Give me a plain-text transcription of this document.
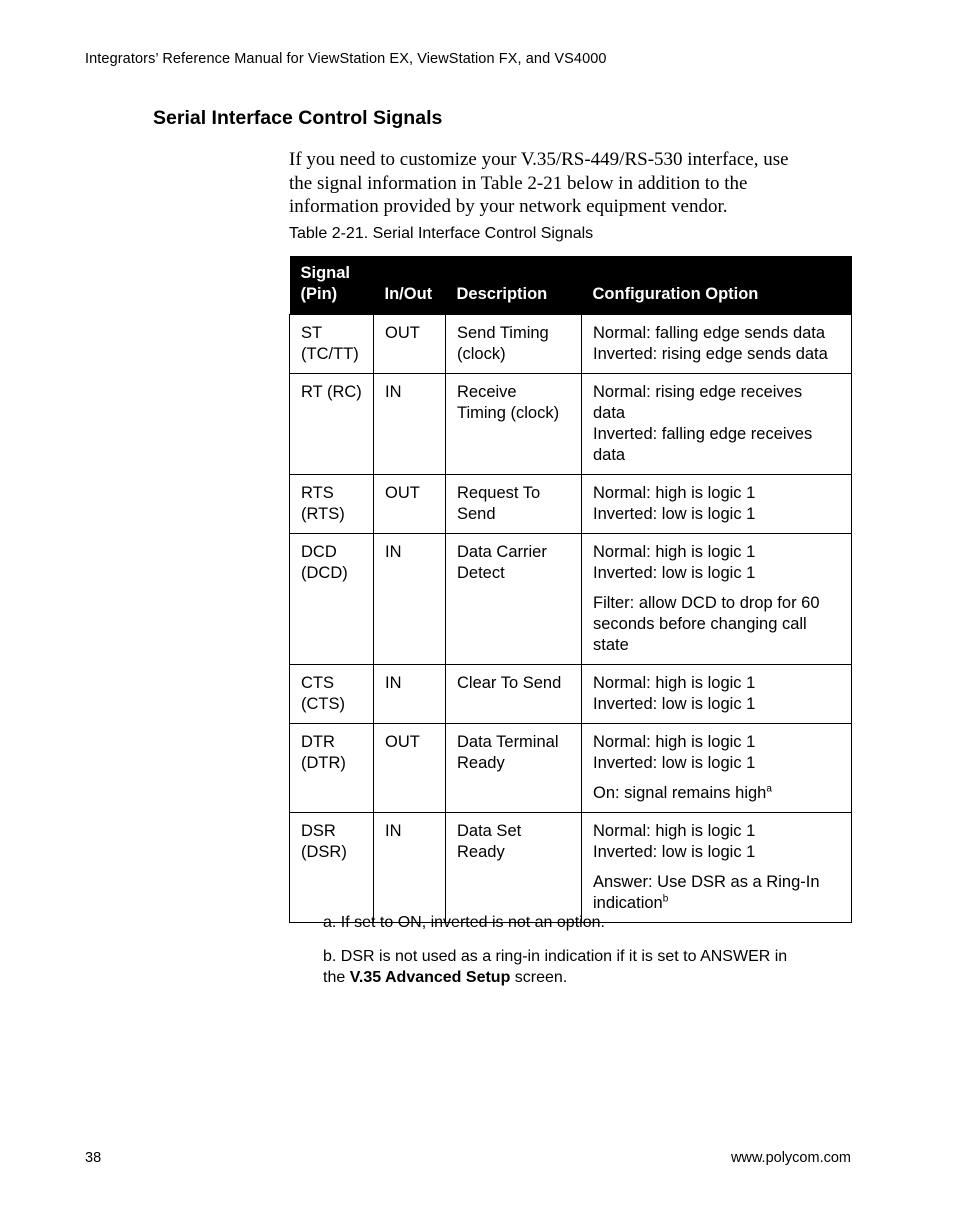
Integrators’ Reference Manual for ViewStation EX, ViewStation FX, and VS4000
Serial Interface Control Signals

If you need to customize your V.35/RS-449/RS-530 interface, use

the signal information in Table 2-21 below in addition to the

information provided by your network equipment vendor.

Table 2-21. Serial Interface Control Signals
Signal
(Pin)	In/Out	Description	Configuration Option

ST
(TC/TT)	OUT	Send Timing
(clock)	Normal: falling edge sends data
Inverted: rising edge sends data

RT (RC)	IN	Receive
Timing (clock)	Normal: rising edge receives
data
Inverted: falling edge receives
data

RTS
(RTS)	OUT	Request To
Send	Normal: high is logic 1
Inverted: low is logic 1

DCD
(DCD)	IN	Data Carrier
Detect	Normal: high is logic 1
Inverted: low is logic 1
Filter: allow DCD to drop for 60
seconds before changing call
state

CTS
(CTS)	IN	Clear To Send	Normal: high is logic 1
Inverted: low is logic 1

DTR
(DTR)	OUT	Data Terminal
Ready	Normal: high is logic 1
Inverted: low is logic 1
On: signal remains high$^a$

DSR
(DSR)	IN	Data Set
Ready	Normal: high is logic 1
Inverted: low is logic 1
Answer: Use DSR as a Ring-In
indication$^b$

a. If set to ON, inverted is not an option.

b. DSR is not used as a ring-in indication if it is set to ANSWER in
the V.35 Advanced Setup screen.

38	www.polycom.com
